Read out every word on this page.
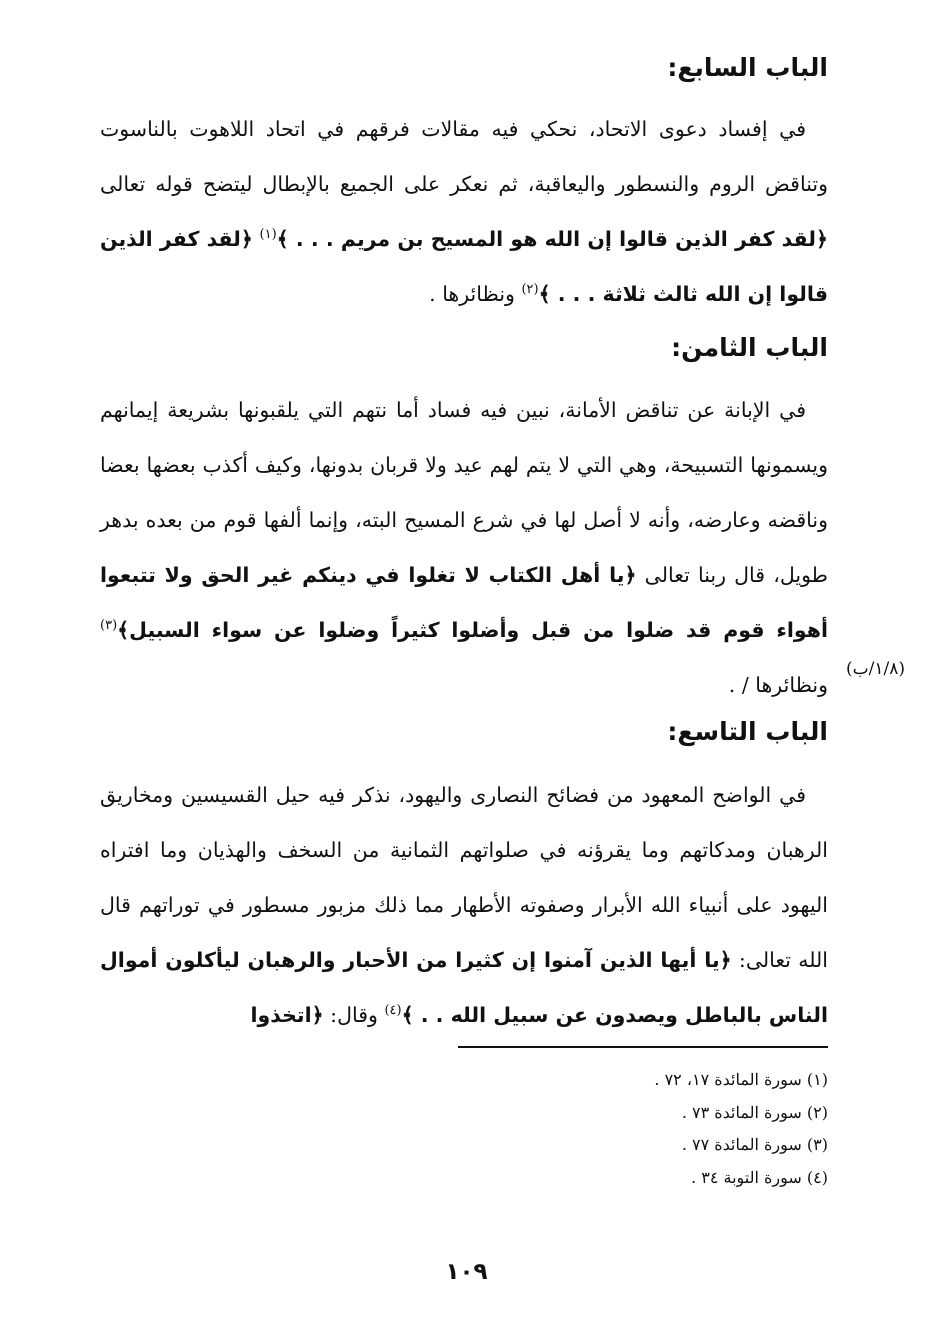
الباب السابع:

في إفساد دعوى الاتحاد، نحكي فيه مقالات فرقهم في اتحاد اللاهوت بالناسوت وتناقض الروم والنسطور واليعاقبة، ثم نعكر على الجميع بالإبطال ليتضح قوله تعالى ﴿لقد كفر الذين قالوا إن الله هو المسيح بن مريم . . . ﴾$^{(١)}$ ﴿لقد كفر الذين قالوا إن الله ثالث ثلاثة . . . ﴾$^{(٢)}$ ونظائرها .

الباب الثامن:

في الإبانة عن تناقض الأمانة، نبين فيه فساد أما نتهم التي يلقبونها بشريعة إيمانهم ويسمونها التسبيحة، وهي التي لا يتم لهم عيد ولا قربان بدونها، وكيف أكذب بعضها بعضا وناقضه وعارضه، وأنه لا أصل لها في شرع المسيح البته، وإنما ألفها قوم من بعده بدهر طويل، قال ربنا تعالى ﴿يا أهل الكتاب لا تغلوا في دينكم غير الحق ولا تتبعوا أهواء قوم قد ضلوا من قبل وأضلوا كثيراً وضلوا عن سواء السبيل﴾$^{(٣)}$ ونظائرها / .

(١/٨/ب)
الباب التاسع:

في الواضح المعهود من فضائح النصارى واليهود، نذكر فيه حيل القسيسين ومخاريق الرهبان ومدكاتهم وما يقرؤنه في صلواتهم الثمانية من السخف والهذيان وما افتراه اليهود على أنبياء الله الأبرار وصفوته الأطهار مما ذلك مزبور مسطور في توراتهم قال الله تعالى: ﴿يا أيها الذين آمنوا إن كثيرا من الأحبار والرهبان ليأكلون أموال الناس بالباطل ويصدون عن سبيل الله . . ﴾$^{(٤)}$ وقال: ﴿اتخذوا

(١) سورة المائدة ١٧، ٧٢ .
(٢) سورة المائدة ٧٣ .
(٣) سورة المائدة ٧٧ .
(٤) سورة التوبة ٣٤ .
١٠٩
